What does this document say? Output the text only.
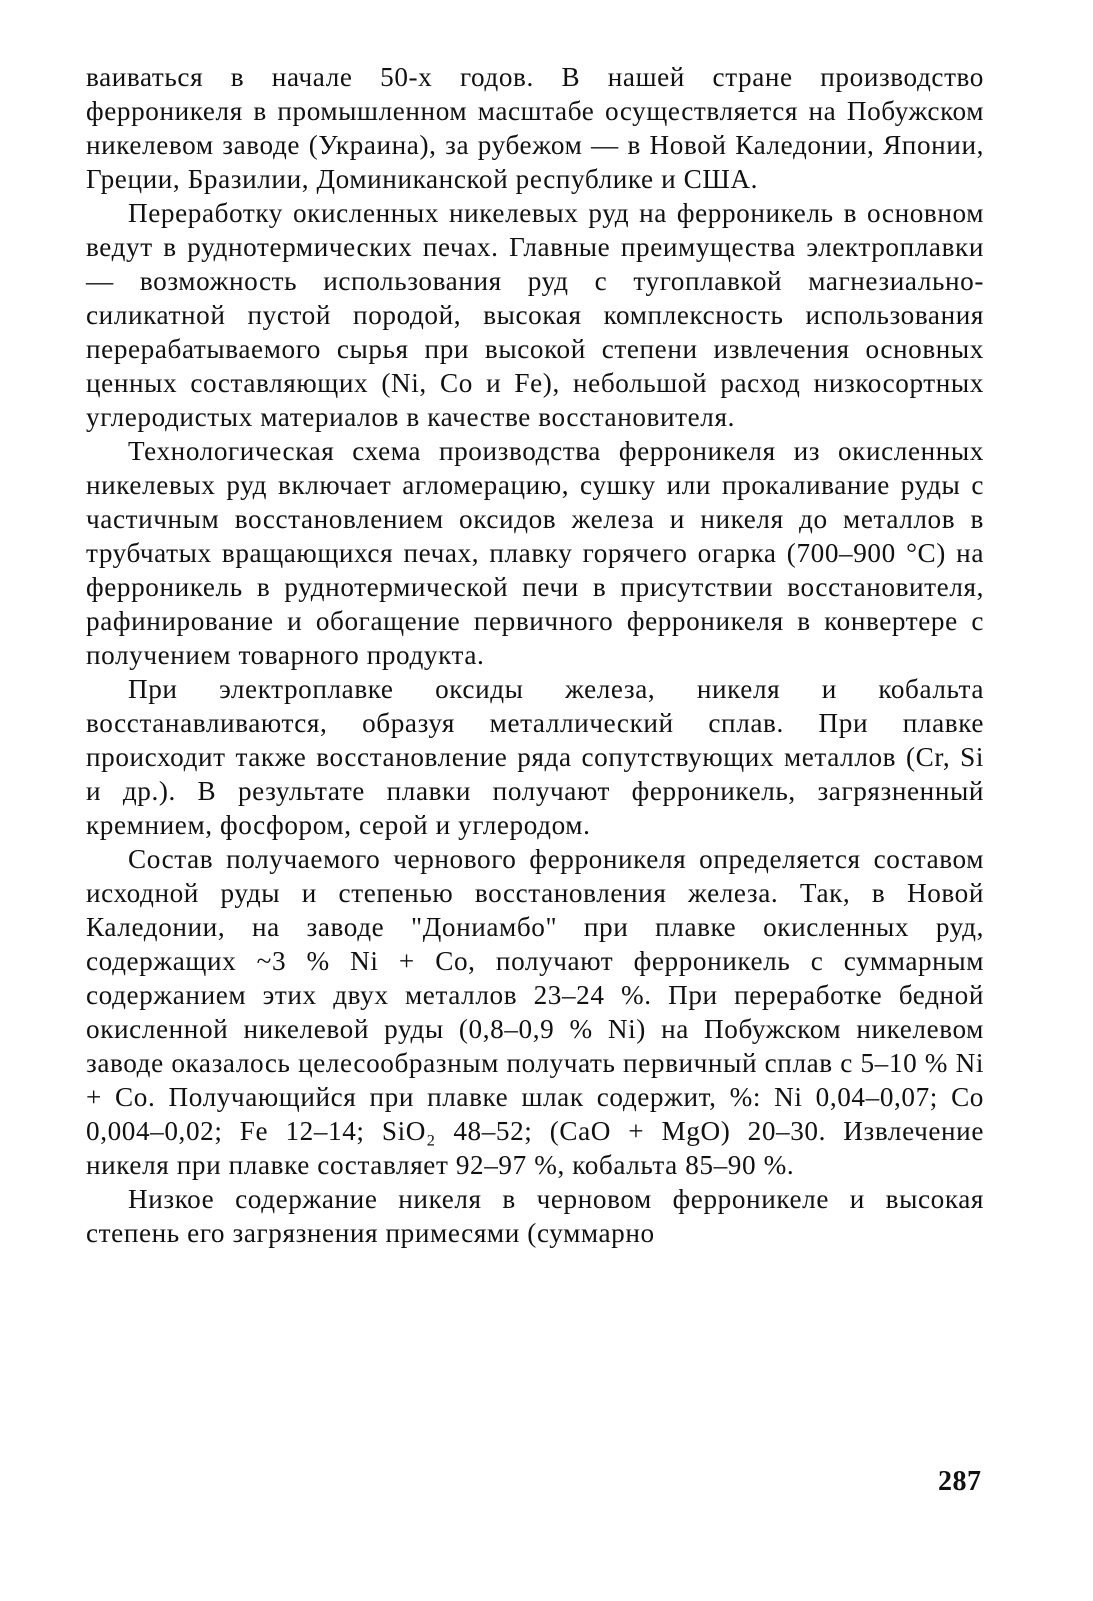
ваиваться в начале 50-х годов. В нашей стране производство ферроникеля в промышленном масштабе осуществляется на Побужском никелевом заводе (Украина), за рубежом — в Новой Каледонии, Японии, Греции, Бразилии, Доминиканской республике и США.

Переработку окисленных никелевых руд на ферроникель в основном ведут в руднотермических печах. Главные преимущества электроплавки — возможность использования руд с тугоплавкой магнезиально-силикатной пустой породой, высокая комплексность использования перерабатываемого сырья при высокой степени извлечения основных ценных составляющих (Ni, Co и Fe), небольшой расход низкосортных углеродистых материалов в качестве восстановителя.

Технологическая схема производства ферроникеля из окисленных никелевых руд включает агломерацию, сушку или прокаливание руды с частичным восстановлением оксидов железа и никеля до металлов в трубчатых вращающихся печах, плавку горячего огарка (700–900 °С) на ферроникель в руднотермической печи в присутствии восстановителя, рафинирование и обогащение первичного ферроникеля в конвертере с получением товарного продукта.

При электроплавке оксиды железа, никеля и кобальта восстанавливаются, образуя металлический сплав. При плавке происходит также восстановление ряда сопутствующих металлов (Cr, Si и др.). В результате плавки получают ферроникель, загрязненный кремнием, фосфором, серой и углеродом.

Состав получаемого чернового ферроникеля определяется составом исходной руды и степенью восстановления железа. Так, в Новой Каледонии, на заводе "Дониамбо" при плавке окисленных руд, содержащих ~3 % Ni + Co, получают ферроникель с суммарным содержанием этих двух металлов 23–24 %. При переработке бедной окисленной никелевой руды (0,8–0,9 % Ni) на Побужском никелевом заводе оказалось целесообразным получать первичный сплав с 5–10 % Ni + Co. Получающийся при плавке шлак содержит, %: Ni 0,04–0,07; Co 0,004–0,02; Fe 12–14; SiO₂ 48–52; (CaO + MgO) 20–30. Извлечение никеля при плавке составляет 92–97 %, кобальта 85–90 %.

Низкое содержание никеля в черновом ферроникеле и высокая степень его загрязнения примесями (суммарно

287
